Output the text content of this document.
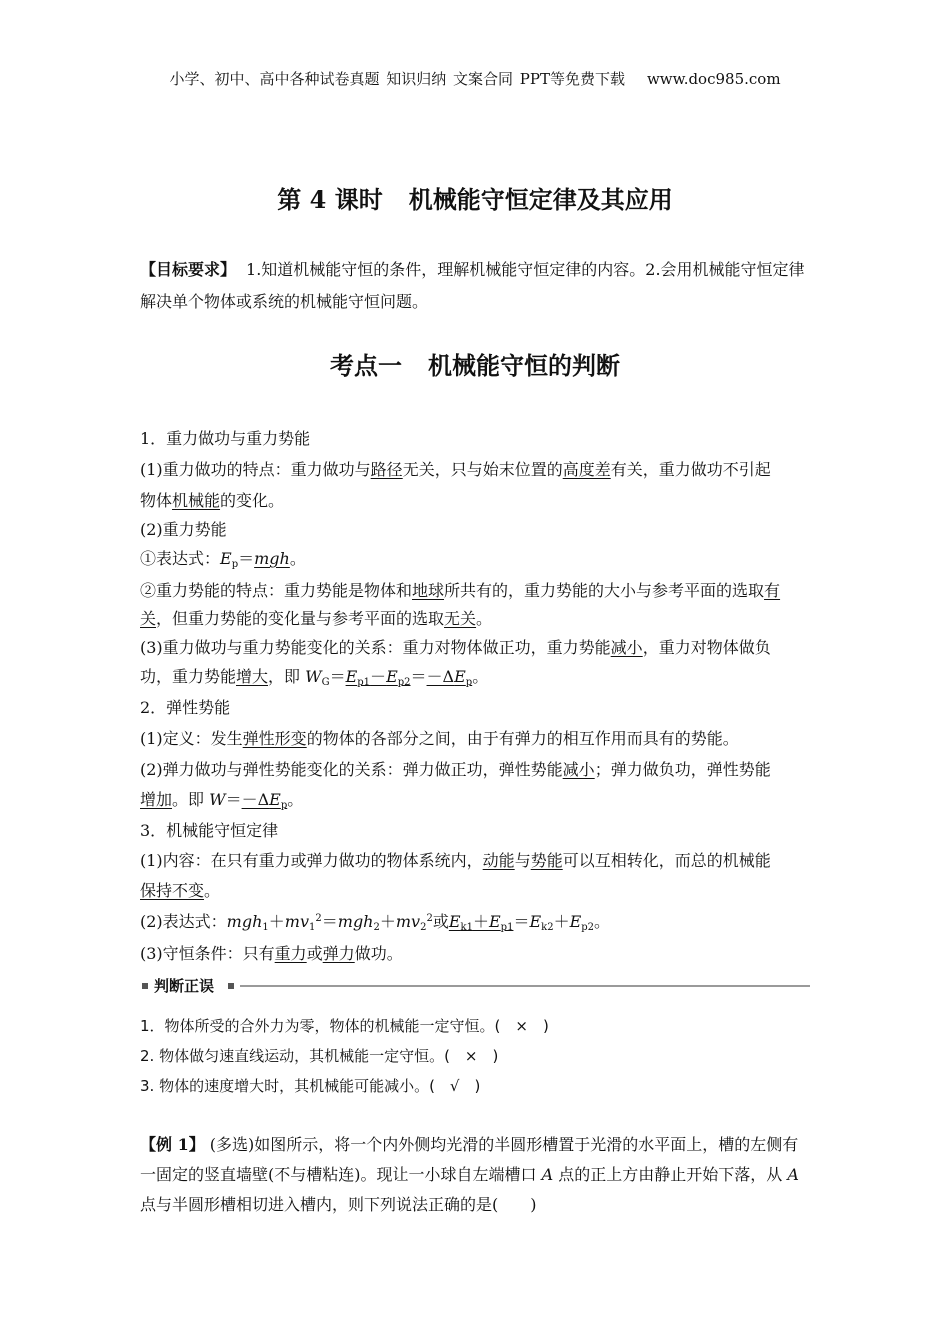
小学、初中、高中各种试卷真题 知识归纳 文案合同 PPT等免费下载 www.doc985.com
第 4 课时 机械能守恒定律及其应用
【目标要求】 1.知道机械能守恒的条件，理解机械能守恒定律的内容。2.会用机械能守恒定律解决单个物体或系统的机械能守恒问题。
考点一 机械能守恒的判断
1．重力做功与重力势能
(1)重力做功的特点：重力做功与路径无关，只与始末位置的高度差有关，重力做功不引起
物体机械能的变化。
(2)重力势能
①表达式：$E_p=mgh$。
②重力势能的特点：重力势能是物体和地球所共有的，重力势能的大小与参考平面的选取有
关，但重力势能的变化量与参考平面的选取无关。
(3)重力做功与重力势能变化的关系：重力对物体做正功，重力势能减小，重力对物体做负
功，重力势能增大，即 $W_G=E_{p1}-E_{p2}=-\Delta E_p$。
2．弹性势能
(1)定义：发生弹性形变的物体的各部分之间，由于有弹力的相互作用而具有的势能。
(2)弹力做功与弹性势能变化的关系：弹力做正功，弹性势能减小；弹力做负功，弹性势能
增加。即 $W=-\Delta E_p$。
3．机械能守恒定律
(1)内容：在只有重力或弹力做功的物体系统内，动能与势能可以互相转化，而总的机械能
保持不变。
(2)表达式：$mgh_1+mv_1^2=mgh_2+mv_2^2$或$E_{k1}+E_{p1}=E_{k2}+E_{p2}$。
(3)守恒条件：只有重力或弹力做功。
判断正误
1．物体所受的合外力为零，物体的机械能一定守恒。(　×　)
2. 物体做匀速直线运动，其机械能一定守恒。(　×　)
3. 物体的速度增大时，其机械能可能减小。(　√　)
【例 1】 (多选)如图所示，将一个内外侧均光滑的半圆形槽置于光滑的水平面上，槽的左侧有一固定的竖直墙壁(不与槽粘连)。现让一小球自左端槽口 A 点的正上方由静止开始下落，从 A 点与半圆形槽相切进入槽内，则下列说法正确的是(　　)
